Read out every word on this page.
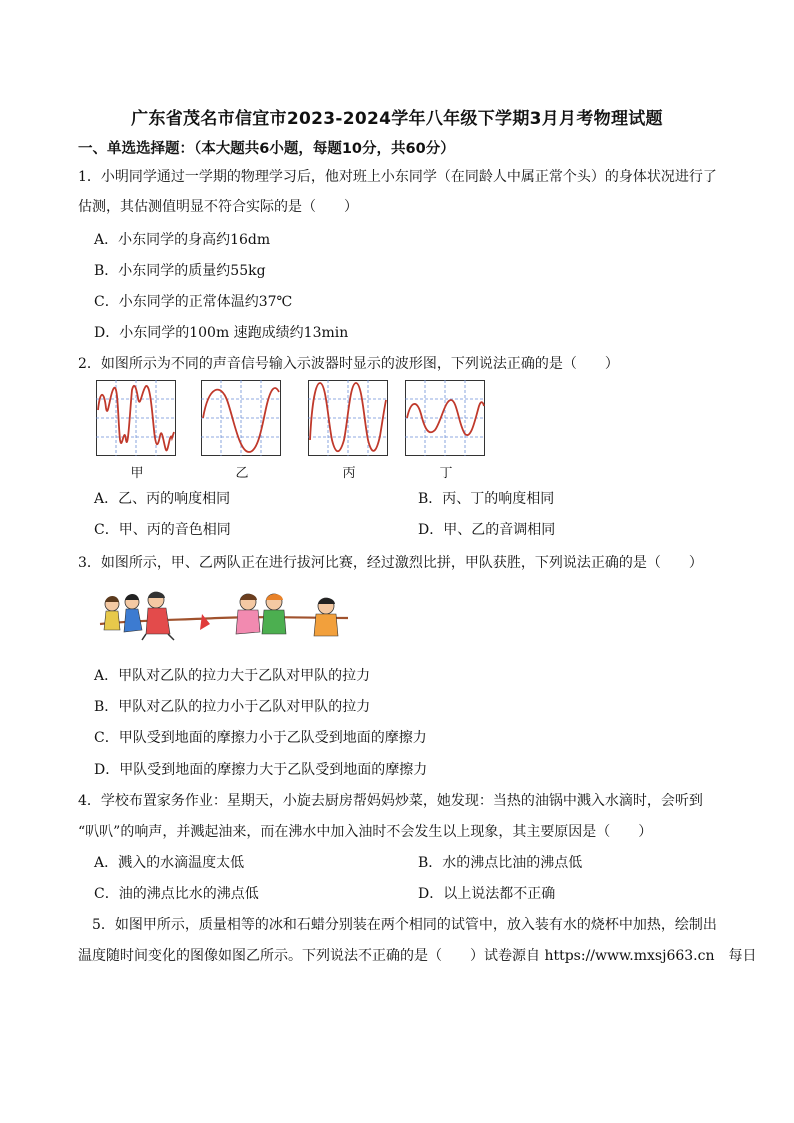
广东省茂名市信宜市2023-2024学年八年级下学期3月月考物理试题
一、单选选择题：（本大题共6小题，每题10分，共60分）
1．小明同学通过一学期的物理学习后，他对班上小东同学（在同龄人中属正常个头）的身体状况进行了
估测，其估测值明显不符合实际的是（　　）
A．小东同学的身高约16dm
B．小东同学的质量约55kg
C．小东同学的正常体温约37℃
D．小东同学的100m 速跑成绩约13min
2．如图所示为不同的声音信号输入示波器时显示的波形图，下列说法正确的是（　　）
甲	乙	丙	丁
A．乙、丙的响度相同	B．丙、丁的响度相同
C．甲、丙的音色相同	D．甲、乙的音调相同
3．如图所示，甲、乙两队正在进行拔河比赛，经过激烈比拼，甲队获胜，下列说法正确的是（　　）
A．甲队对乙队的拉力大于乙队对甲队的拉力
B．甲队对乙队的拉力小于乙队对甲队的拉力
C．甲队受到地面的摩擦力小于乙队受到地面的摩擦力
D．甲队受到地面的摩擦力大于乙队受到地面的摩擦力
4．学校布置家务作业：星期天，小旋去厨房帮妈妈炒菜，她发现：当热的油锅中溅入水滴时，会听到
“叭叭”的响声，并溅起油来，而在沸水中加入油时不会发生以上现象，其主要原因是（　　）
A．溅入的水滴温度太低	B．水的沸点比油的沸点低
C．油的沸点比水的沸点低	D．以上说法都不正确
5．如图甲所示，质量相等的冰和石蜡分别装在两个相同的试管中，放入装有水的烧杯中加热，绘制出
温度随时间变化的图像如图乙所示。下列说法不正确的是（　　）试卷源自 https://www.mxsj663.cn　每日
